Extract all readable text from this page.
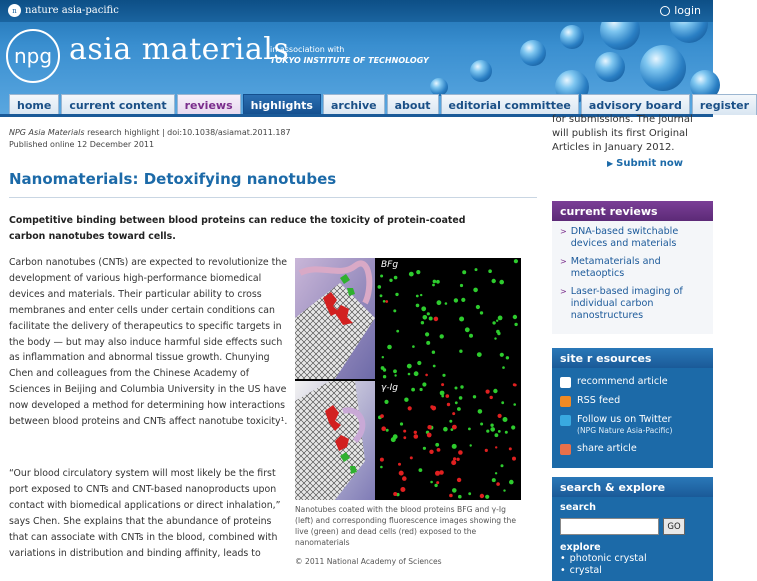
n nature asia-pacific	login
npg asia materials
in association with
TOKYO INSTITUTE OF TECHNOLOGY
home	current content	reviews	highlights	archive	about	editorial committee	advisory board	register
NPG Asia Materials research highlight | doi:10.1038/asiamat.2011.187
Published online 12 December 2011
Nanomaterials: Detoxifying nanotubes

Competitive binding between blood proteins can reduce the toxicity of protein-coated carbon nanotubes toward cells.

Carbon nanotubes (CNTs) are expected to revolutionize the development of various high-performance biomedical devices and materials. Their particular ability to cross membranes and enter cells under certain conditions can facilitate the delivery of therapeutics to specific targets in the body — but may also induce harmful side effects such as inflammation and abnormal tissue growth. Chunying Chen and colleagues from the Chinese Academy of Sciences in Beijing and Columbia University in the US have now developed a method for determining how interactions between blood proteins and CNTs affect nanotube toxicity¹.

“Our blood circulatory system will most likely be the first port exposed to CNTs and CNT-based nanoproducts upon contact with biomedical applications or direct inhalation,” says Chen. She explains that the abundance of proteins that can associate with CNTs in the blood, combined with variations in distribution and binding affinity, leads to

BFg
γ-Ig

Nanotubes coated with the blood proteins BFG and γ-Ig (left) and corresponding fluorescence images showing the live (green) and dead cells (red) exposed to the nanomaterials

© 2011 National Academy of Sciences

for submissions. The journal will publish its first Original Articles in January 2012.

▶ Submit now
current reviews
> DNA-based switchable devices and materials
> Metamaterials and metaoptics
> Laser-based imaging of individual carbon nanostructures
site r esources
recommend article
RSS feed
Follow us on Twitter
(NPG Nature Asia-Pacific)
share article
search & explore
search
GO
explore
• photonic crystal
• crystal
